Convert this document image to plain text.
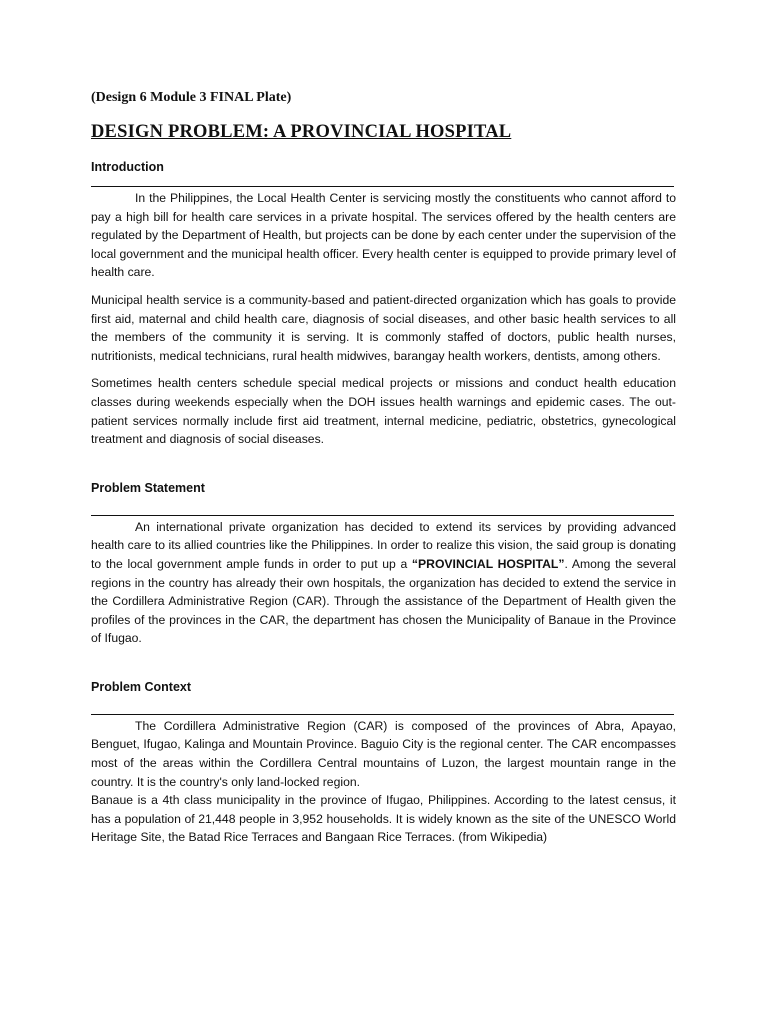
(Design 6 Module 3 FINAL Plate)

DESIGN PROBLEM: A PROVINCIAL HOSPITAL
Introduction

In the Philippines, the Local Health Center is servicing mostly the constituents who cannot afford to pay a high bill for health care services in a private hospital. The services offered by the health centers are regulated by the Department of Health, but projects can be done by each center under the supervision of the local government and the municipal health officer. Every health center is equipped to provide primary level of health care.

Municipal health service is a community-based and patient-directed organization which has goals to provide first aid, maternal and child health care, diagnosis of social diseases, and other basic health services to all the members of the community it is serving. It is commonly staffed of doctors, public health nurses, nutritionists, medical technicians, rural health midwives, barangay health workers, dentists, among others.

Sometimes health centers schedule special medical projects or missions and conduct health education classes during weekends especially when the DOH issues health warnings and epidemic cases. The out-patient services normally include first aid treatment, internal medicine, pediatric, obstetrics, gynecological treatment and diagnosis of social diseases.

Problem Statement

An international private organization has decided to extend its services by providing advanced health care to its allied countries like the Philippines. In order to realize this vision, the said group is donating to the local government ample funds in order to put up a “PROVINCIAL HOSPITAL”. Among the several regions in the country has already their own hospitals, the organization has decided to extend the service in the Cordillera Administrative Region (CAR). Through the assistance of the Department of Health given the profiles of the provinces in the CAR, the department has chosen the Municipality of Banaue in the Province of Ifugao.

Problem Context

The Cordillera Administrative Region (CAR) is composed of the provinces of Abra, Apayao, Benguet, Ifugao, Kalinga and Mountain Province. Baguio City is the regional center. The CAR encompasses most of the areas within the Cordillera Central mountains of Luzon, the largest mountain range in the country. It is the country's only land-locked region.

Banaue is a 4th class municipality in the province of Ifugao, Philippines. According to the latest census, it has a population of 21,448 people in 3,952 households. It is widely known as the site of the UNESCO World Heritage Site, the Batad Rice Terraces and Bangaan Rice Terraces. (from Wikipedia)
